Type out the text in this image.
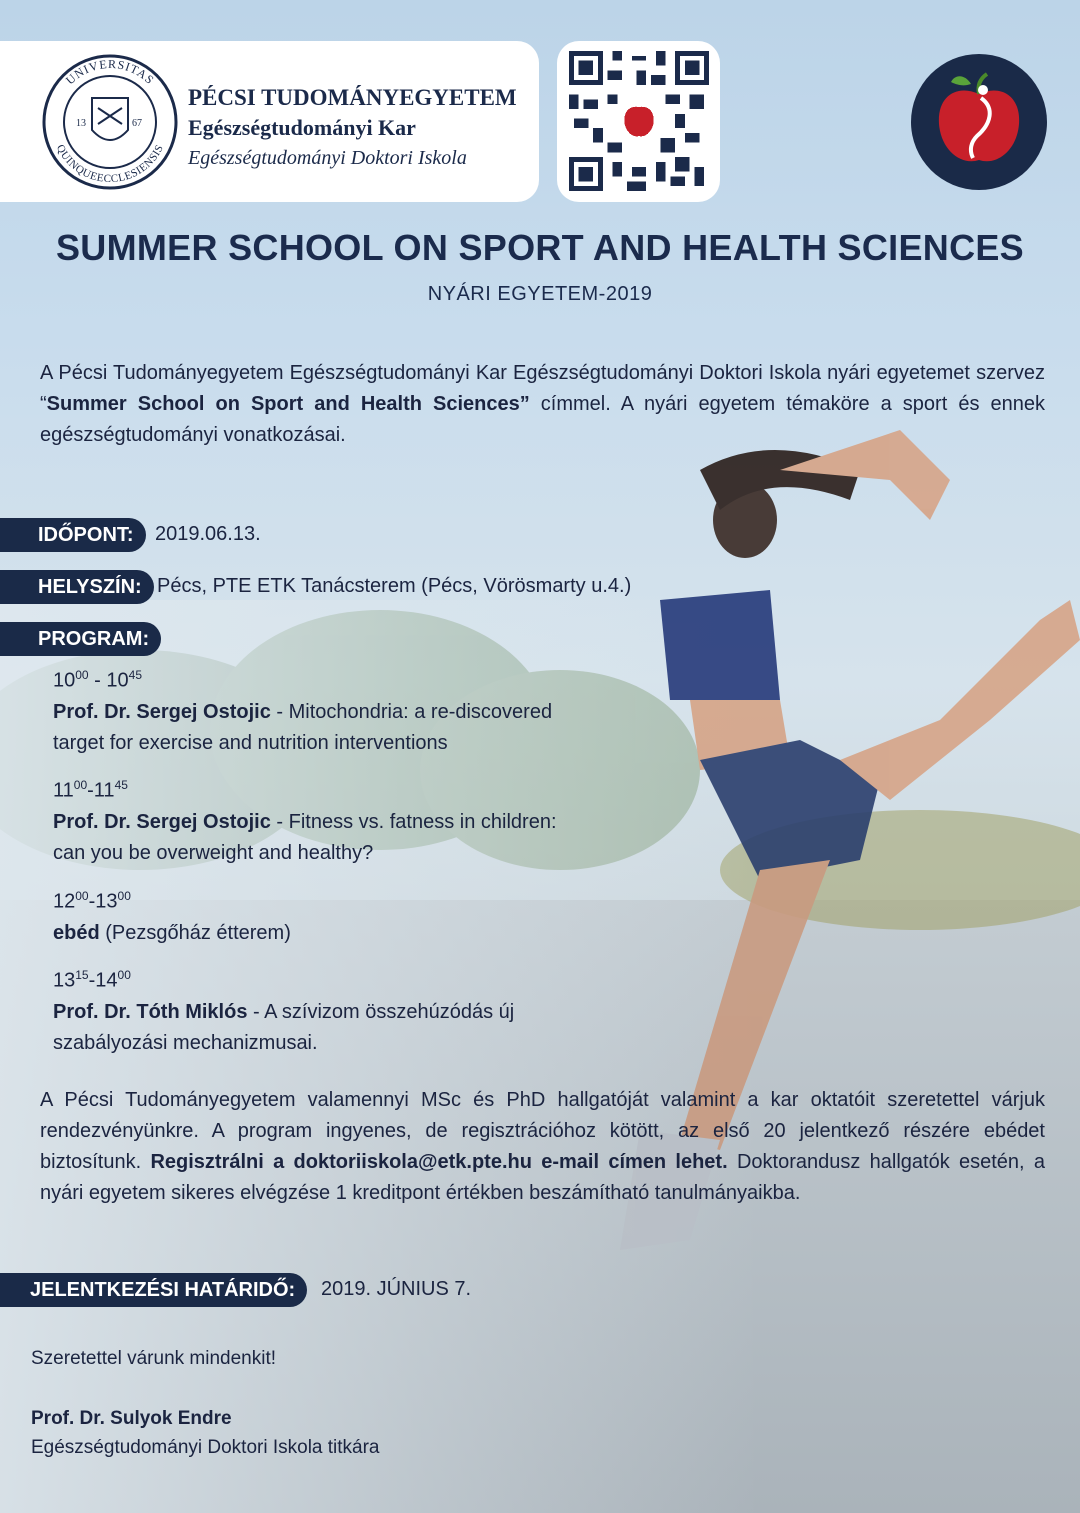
UNIVERSITAS
QUINQUEECCLESIENSIS
13	67
PÉCSI TUDOMÁNYEGYETEM
Egészségtudományi Kar
Egészségtudományi Doktori Iskola
SUMMER SCHOOL ON SPORT AND HEALTH SCIENCES
NYÁRI EGYETEM-2019
A Pécsi Tudományegyetem Egészségtudományi Kar Egészségtudományi Doktori Iskola nyári egyetemet szervez “Summer School on Sport and Health Sciences” címmel. A nyári egyetem témaköre a sport és ennek egészségtudományi vonatkozásai.
IDŐPONT:	2019.06.13.
HELYSZÍN: Pécs, PTE ETK Tanácsterem (Pécs, Vörösmarty u.4.)
PROGRAM:
$10^{00} - 10^{45}$
Prof. Dr. Sergej Ostojic - Mitochondria: a re-discovered target for exercise and nutrition interventions
$11^{00}-11^{45}$
Prof. Dr. Sergej Ostojic - Fitness vs. fatness in children: can you be overweight and healthy?
$12^{00}-13^{00}$
ebéd (Pezsgőház étterem)
$13^{15}-14^{00}$
Prof. Dr. Tóth Miklós - A szívizom összehúzódás új szabályozási mechanizmusai.
A Pécsi Tudományegyetem valamennyi MSc és PhD hallgatóját valamint a kar oktatóit szeretettel várjuk rendezvényünkre. A program ingyenes, de regisztrációhoz kötött, az első 20 jelentkező részére ebédet biztosítunk. Regisztrálni a doktoriiskola@etk.pte.hu e-mail címen lehet. Doktorandusz hallgatók esetén, a nyári egyetem sikeres elvégzése 1 kreditpont értékben beszámítható tanulmányaikba.
JELENTKEZÉSI HATÁRIDŐ:	2019. JÚNIUS 7.
Szeretettel várunk mindenkit!
Prof. Dr. Sulyok Endre
Egészségtudományi Doktori Iskola titkára
